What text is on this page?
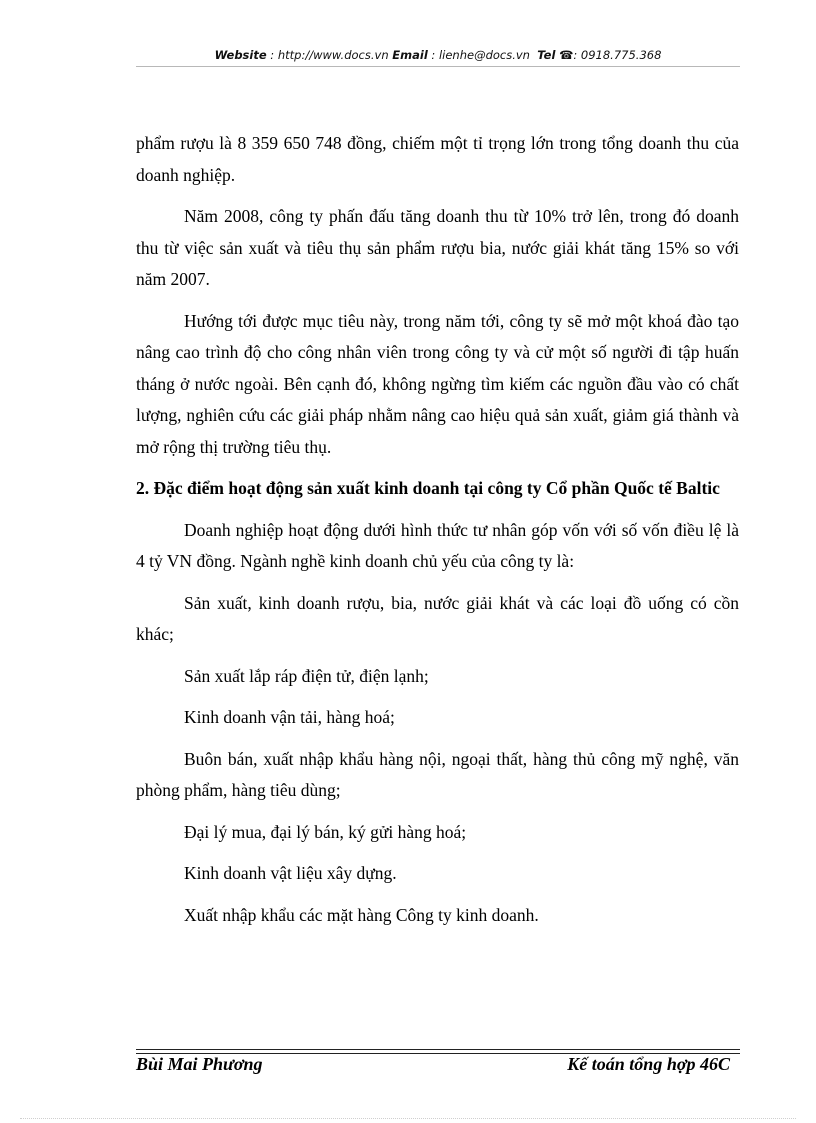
Website : http://www.docs.vn Email : lienhe@docs.vn Tel ☎: 0918.775.368

phẩm rượu là 8 359 650 748 đồng, chiếm một tỉ trọng lớn trong tổng doanh thu của doanh nghiệp.

Năm 2008, công ty phấn đấu tăng doanh thu từ 10% trở lên, trong đó doanh thu từ việc sản xuất và tiêu thụ sản phẩm rượu bia, nước giải khát tăng 15% so với năm 2007.

Hướng tới được mục tiêu này, trong năm tới, công ty sẽ mở một khoá đào tạo nâng cao trình độ cho công nhân viên trong công ty và cử một số người đi tập huấn tháng ở nước ngoài. Bên cạnh đó, không ngừng tìm kiếm các nguồn đầu vào có chất lượng, nghiên cứu các giải pháp nhằm nâng cao hiệu quả sản xuất, giảm giá thành và mở rộng thị trường tiêu thụ.

2. Đặc điểm hoạt động sản xuất kinh doanh tại công ty Cổ phần Quốc tế Baltic

Doanh nghiệp hoạt động dưới hình thức tư nhân góp vốn với số vốn điều lệ là 4 tỷ VN đồng. Ngành nghề kinh doanh chủ yếu của công ty là:

Sản xuất, kinh doanh rượu, bia, nước giải khát và các loại đồ uống có cồn khác;

Sản xuất lắp ráp điện tử, điện lạnh;

Kinh doanh vận tải, hàng hoá;

Buôn bán, xuất nhập khẩu hàng nội, ngoại thất, hàng thủ công mỹ nghệ, văn phòng phẩm, hàng tiêu dùng;

Đại lý mua, đại lý bán, ký gửi hàng hoá;

Kinh doanh vật liệu xây dựng.

Xuất nhập khẩu các mặt hàng Công ty kinh doanh.

Bùi Mai Phương	Kế toán tổng hợp 46C
